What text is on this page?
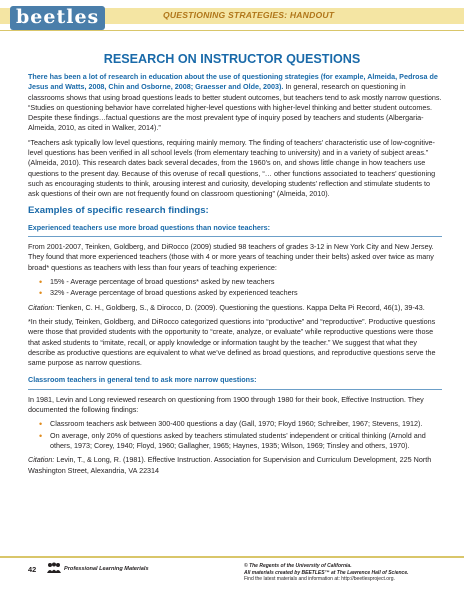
beetles	QUESTIONING STRATEGIES: HANDOUT
RESEARCH ON INSTRUCTOR QUESTIONS

There has been a lot of research in education about the use of questioning strategies (for example, Almeida, Pedrosa de Jesus and Watts, 2008, Chin and Osborne, 2008; Graesser and Olde, 2003). In general, research on questioning in classrooms shows that using broad questions leads to better student outcomes, but teachers tend to ask mostly narrow questions. “Studies on questioning behavior have correlated higher-level questions with higher-level thinking and better student outcomes. Despite these findings…factual questions are the most prevalent type of inquiry posed by teachers and students (Albergaria-Almeida, 2010, as cited in Walker, 2014).”

“Teachers ask typically low level questions, requiring mainly memory. The finding of teachers’ characteristic use of low-cognitive-level questions has been verified in all school levels (from elementary teaching to university) and in a variety of subject areas.” (Almeida, 2010). This research dates back several decades, from the 1960’s on, and shows little change in how teachers use questions to the present day. Because of this overuse of recall questions, “… other functions associated to teachers’ questioning such as encouraging students to think, arousing interest and curiosity, developing students’ reflection and stimulate students to ask questions of their own are not frequently found on classroom questioning” (Almeida, 2010).

Examples of specific research findings:
Experienced teachers use more broad questions than novice teachers:

From 2001-2007, Teinken, Goldberg, and DiRocco (2009) studied 98 teachers of grades 3-12 in New York City and New Jersey. They found that more experienced teachers (those with 4 or more years of teaching under their belts) asked over twice as many broad* questions as teachers with less than four years of teaching experience:

• 15% - Average percentage of broad questions* asked by new teachers
• 32% - Average percentage of broad questions asked by experienced teachers

Citation: Tienken, C. H., Goldberg, S., & Dirocco, D. (2009). Questioning the questions. Kappa Delta Pi Record, 46(1), 39-43.

*In their study, Teinken, Goldberg, and DiRocco categorized questions into “productive” and “reproductive”. Productive questions were those that provided students with the opportunity to “create, analyze, or evaluate” while reproductive questions were those that asked students to “imitate, recall, or apply knowledge or information taught by the teacher.” We suggest that what they describe as productive questions are equivalent to what we’ve defined as broad questions, and reproductive questions serve the same purpose as narrow questions.

Classroom teachers in general tend to ask more narrow questions:

In 1981, Levin and Long reviewed research on questioning from 1900 through 1980 for their book, Effective Instruction. They documented the following findings:

• Classroom teachers ask between 300-400 questions a day (Gall, 1970; Floyd 1960; Schreiber, 1967; Stevens, 1912).
• On average, only 20% of questions asked by teachers stimulated students’ independent or critical thinking (Arnold and others, 1973; Corey, 1940; Floyd, 1960; Gallagher, 1965; Haynes, 1935; Wilson, 1969; Tinsley and others, 1970).

Citation: Levin, T., & Long, R. (1981). Effective Instruction. Association for Supervision and Curriculum Development, 225 North Washington Street, Alexandria, VA 22314

42	Professional Learning Materials	© The Regents of the University of California.
All materials created by BEETLES™ at The Lawrence Hall of Science.
Find the latest materials and information at: http://beetlesproject.org.
